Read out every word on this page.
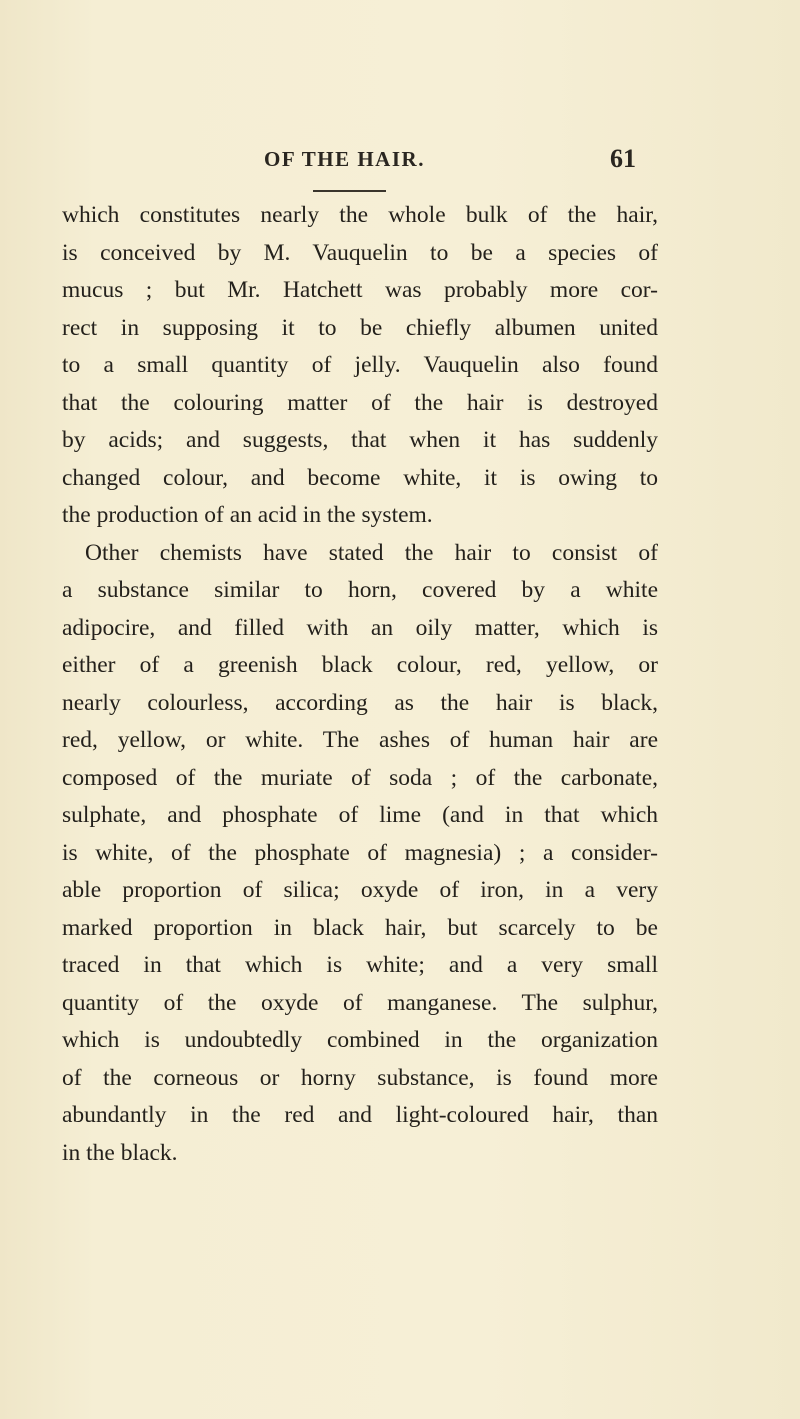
OF THE HAIR.	61
which constitutes nearly the whole bulk of the hair,
is conceived by M. Vauquelin to be a species of
mucus ; but Mr. Hatchett was probably more cor-
rect in supposing it to be chiefly albumen united
to a small quantity of jelly. Vauquelin also found
that the colouring matter of the hair is destroyed
by acids; and suggests, that when it has suddenly
changed colour, and become white, it is owing to
the production of an acid in the system.
Other chemists have stated the hair to consist of
a substance similar to horn, covered by a white
adipocire, and filled with an oily matter, which is
either of a greenish black colour, red, yellow, or
nearly colourless, according as the hair is black,
red, yellow, or white. The ashes of human hair are
composed of the muriate of soda ; of the carbonate,
sulphate, and phosphate of lime (and in that which
is white, of the phosphate of magnesia) ; a consider-
able proportion of silica; oxyde of iron, in a very
marked proportion in black hair, but scarcely to be
traced in that which is white; and a very small
quantity of the oxyde of manganese. The sulphur,
which is undoubtedly combined in the organization
of the corneous or horny substance, is found more
abundantly in the red and light-coloured hair, than
in the black.
